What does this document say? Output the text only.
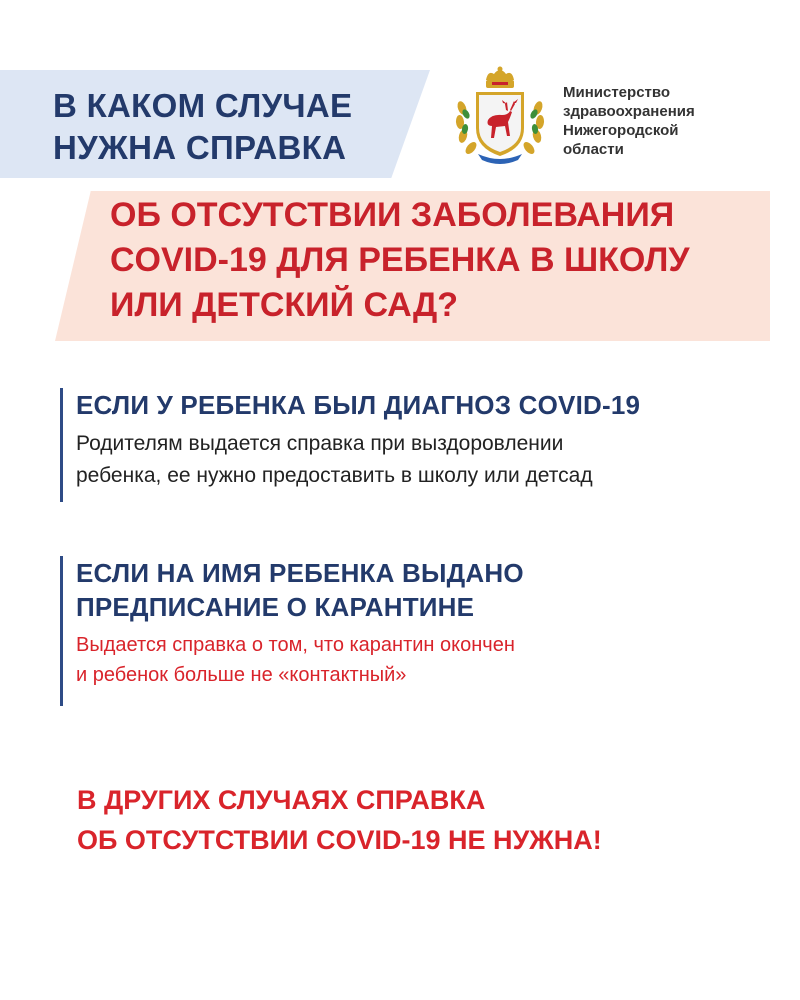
В КАКОМ СЛУЧАЕ
НУЖНА СПРАВКА
Министерство
здравоохранения
Нижегородской
области
ОБ ОТСУТСТВИИ ЗАБОЛЕВАНИЯ
COVID-19 ДЛЯ РЕБЕНКА В ШКОЛУ
ИЛИ ДЕТСКИЙ САД?
ЕСЛИ У РЕБЕНКА БЫЛ ДИАГНОЗ COVID-19

Родителям выдается справка при выздоровлении
ребенка, ее нужно предоставить в школу или детсад

ЕСЛИ НА ИМЯ РЕБЕНКА ВЫДАНО
ПРЕДПИСАНИЕ О КАРАНТИНЕ

Выдается справка о том, что карантин окончен
и ребенок больше не «контактный»

В ДРУГИХ СЛУЧАЯХ СПРАВКА
ОБ ОТСУТСТВИИ COVID-19 НЕ НУЖНА!
